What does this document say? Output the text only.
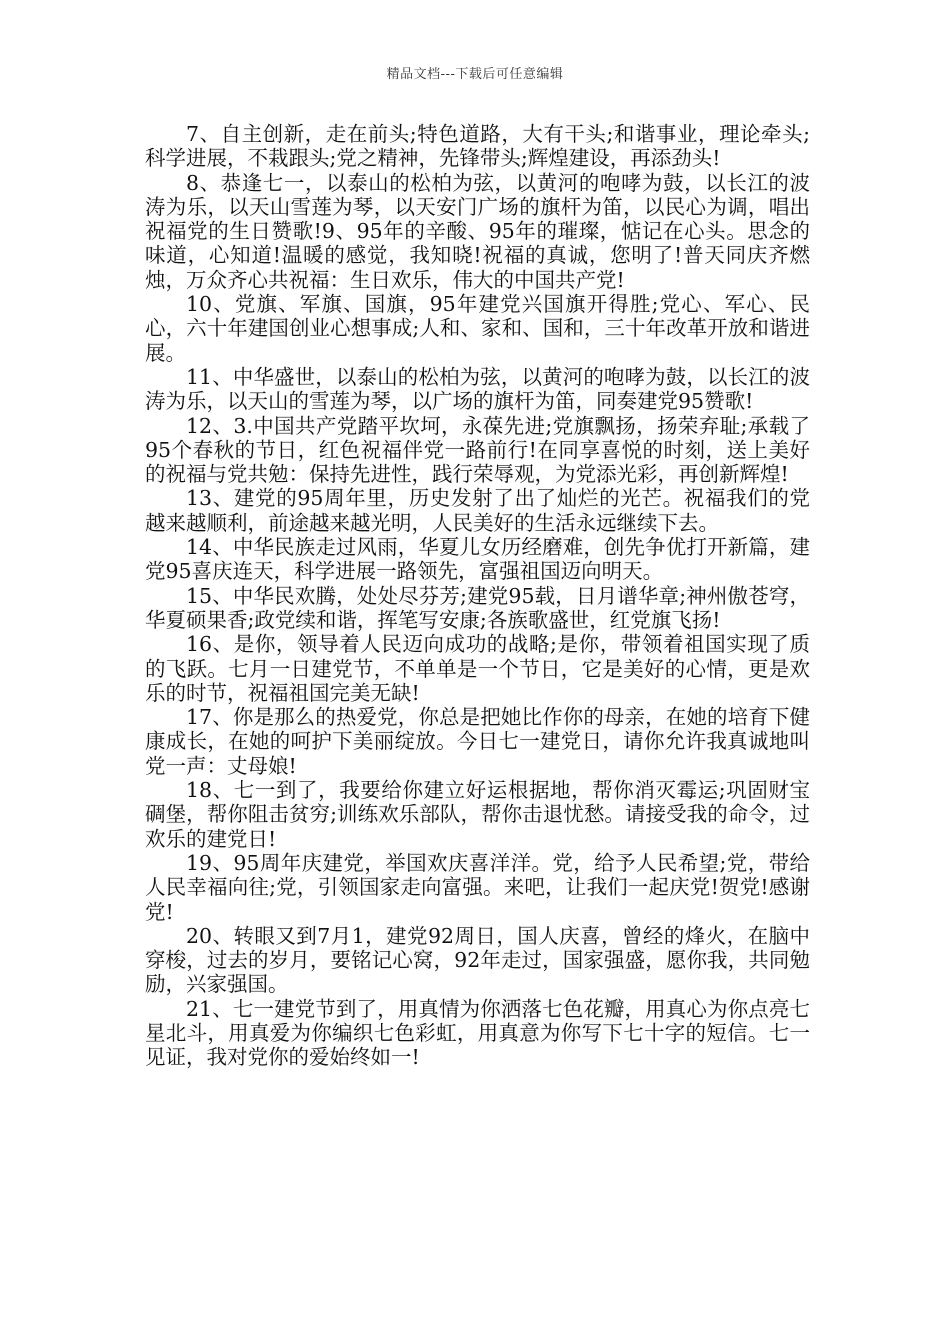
精品文档---下载后可任意编辑

7、自主创新，走在前头;特色道路，大有干头;和谐事业，理论牵头;科学进展，不栽跟头;党之精神，先锋带头;辉煌建设，再添劲头!

8、恭逢七一，以泰山的松柏为弦，以黄河的咆哮为鼓，以长江的波涛为乐，以天山雪莲为琴，以天安门广场的旗杆为笛，以民心为调，唱出祝福党的生日赞歌!9、95年的辛酸、95年的璀璨，惦记在心头。思念的味道，心知道!温暖的感觉，我知晓!祝福的真诚，您明了!普天同庆齐燃烛，万众齐心共祝福：生日欢乐，伟大的中国共产党!

10、党旗、军旗、国旗，95年建党兴国旗开得胜;党心、军心、民心，六十年建国创业心想事成;人和、家和、国和，三十年改革开放和谐进展。

11、中华盛世，以泰山的松柏为弦，以黄河的咆哮为鼓，以长江的波涛为乐，以天山的雪莲为琴，以广场的旗杆为笛，同奏建党95赞歌!

12、3.中国共产党踏平坎坷，永葆先进;党旗飘扬，扬荣弃耻;承载了95个春秋的节日，红色祝福伴党一路前行!在同享喜悦的时刻，送上美好的祝福与党共勉：保持先进性，践行荣辱观，为党添光彩，再创新辉煌!

13、建党的95周年里，历史发射了出了灿烂的光芒。祝福我们的党越来越顺利，前途越来越光明，人民美好的生活永远继续下去。

14、中华民族走过风雨，华夏儿女历经磨难，创先争优打开新篇，建党95喜庆连天，科学进展一路领先，富强祖国迈向明天。

15、中华民欢腾，处处尽芬芳;建党95载，日月谱华章;神州傲苍穹，华夏硕果香;政党续和谐，挥笔写安康;各族歌盛世，红党旗飞扬!

16、是你，领导着人民迈向成功的战略;是你，带领着祖国实现了质的飞跃。七月一日建党节，不单单是一个节日，它是美好的心情，更是欢乐的时节，祝福祖国完美无缺!

17、你是那么的热爱党，你总是把她比作你的母亲，在她的培育下健康成长，在她的呵护下美丽绽放。今日七一建党日，请你允许我真诚地叫党一声：丈母娘!

18、七一到了，我要给你建立好运根据地，帮你消灭霉运;巩固财宝碉堡，帮你阻击贫穷;训练欢乐部队，帮你击退忧愁。请接受我的命令，过欢乐的建党日!

19、95周年庆建党，举国欢庆喜洋洋。党，给予人民希望;党，带给人民幸福向往;党，引领国家走向富强。来吧，让我们一起庆党!贺党!感谢党!

20、转眼又到7月1，建党92周日，国人庆喜，曾经的烽火，在脑中穿梭，过去的岁月，要铭记心窝，92年走过，国家强盛，愿你我，共同勉励，兴家强国。

21、七一建党节到了，用真情为你洒落七色花瓣，用真心为你点亮七星北斗，用真爱为你编织七色彩虹，用真意为你写下七十字的短信。七一见证，我对党你的爱始终如一!
